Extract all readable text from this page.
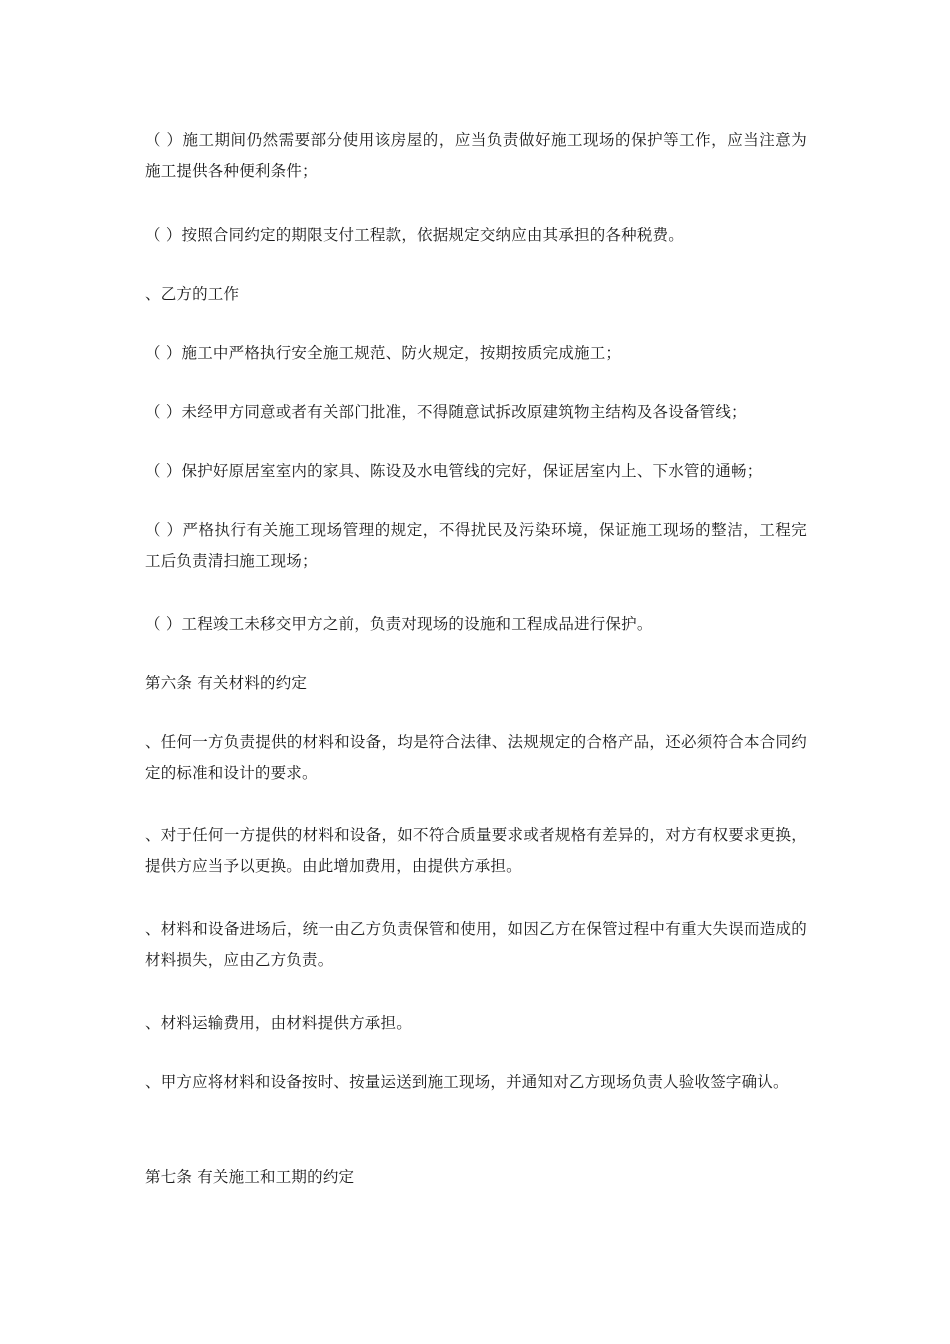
（ ）施工期间仍然需要部分使用该房屋的，应当负责做好施工现场的保护等工作，应当注意为施工提供各种便利条件；

（ ）按照合同约定的期限支付工程款，依据规定交纳应由其承担的各种税费。

、乙方的工作

（ ）施工中严格执行安全施工规范、防火规定，按期按质完成施工；

（ ）未经甲方同意或者有关部门批准，不得随意试拆改原建筑物主结构及各设备管线；

（ ）保护好原居室室内的家具、陈设及水电管线的完好，保证居室内上、下水管的通畅；

（ ）严格执行有关施工现场管理的规定，不得扰民及污染环境，保证施工现场的整洁，工程完工后负责清扫施工现场；

（ ）工程竣工未移交甲方之前，负责对现场的设施和工程成品进行保护。

第六条 有关材料的约定

、任何一方负责提供的材料和设备，均是符合法律、法规规定的合格产品，还必须符合本合同约定的标准和设计的要求。

、对于任何一方提供的材料和设备，如不符合质量要求或者规格有差异的，对方有权要求更换，提供方应当予以更换。由此增加费用，由提供方承担。

、材料和设备进场后，统一由乙方负责保管和使用，如因乙方在保管过程中有重大失误而造成的材料损失，应由乙方负责。

、材料运输费用，由材料提供方承担。

、甲方应将材料和设备按时、按量运送到施工现场，并通知对乙方现场负责人验收签字确认。

第七条 有关施工和工期的约定
